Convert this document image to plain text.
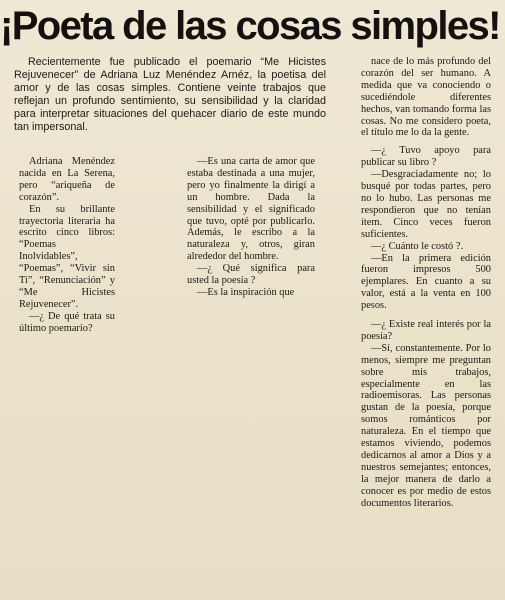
¡Poeta de las cosas simples!

Recientemente fue publicado el poemario “Me Hicistes Rejuvenecer” de Adriana Luz Menéndez Arnéz, la poetisa del amor y de las cosas simples. Contiene veinte trabajos que reflejan un profundo sentimiento, su sensibilidad y la claridad para interpretar situaciones del quehacer diario de este mundo tan impersonal.

Adriana Menéndez nacida en La Serena, pero “ariqueña de corazón”.

En su brillante trayectoria literaria ha escrito cinco libros: “Poemas Inolvidables”, “Poemas”, “Vivir sin Ti”, “Renunciación” y “Me Hicistes Rejuvenecer”.

—¿ De qué trata su último poemario?

—Es una carta de amor que estaba destinada a una mujer, pero yo finalmente la dirigí a un hombre. Dada la sensibilidad y el significado que tuvo, opté por publicarlo. Además, le escribo a la naturaleza y, otros, giran alrededor del hombre.

—¿ Qué significa para usted la poesía ?

—Es la inspiración que

nace de lo más profundo del corazón del ser humano. A medida que va conociendo o sucediéndole diferentes hechos, van tomando forma las cosas. No me considero poeta, el título me lo da la gente.

—¿ Tuvo apoyo para publicar su libro ?

—Desgraciadamente no; lo busqué por todas partes, pero no lo hubo. Las personas me respondieron que no tenían ítem. Cinco veces fueron suficientes.

—¿ Cuánto le costó ?.

—En la primera edición fueron impresos 500 ejemplares. En cuanto a su valor, está a la venta en 100 pesos.

—¿ Existe real interés por la poesía?

—Sí, constantemente. Por lo menos, siempre me preguntan sobre mis trabajos, especialmente en las radioemisoras. Las personas gustan de la poesía, porque somos románticos por naturaleza. En el tiempo que estamos viviendo, podemos dedicarnos al amor a Dios y a nuestros semejantes; entonces, la mejor manera de darlo a conocer es por medio de estos documentos literarios.
